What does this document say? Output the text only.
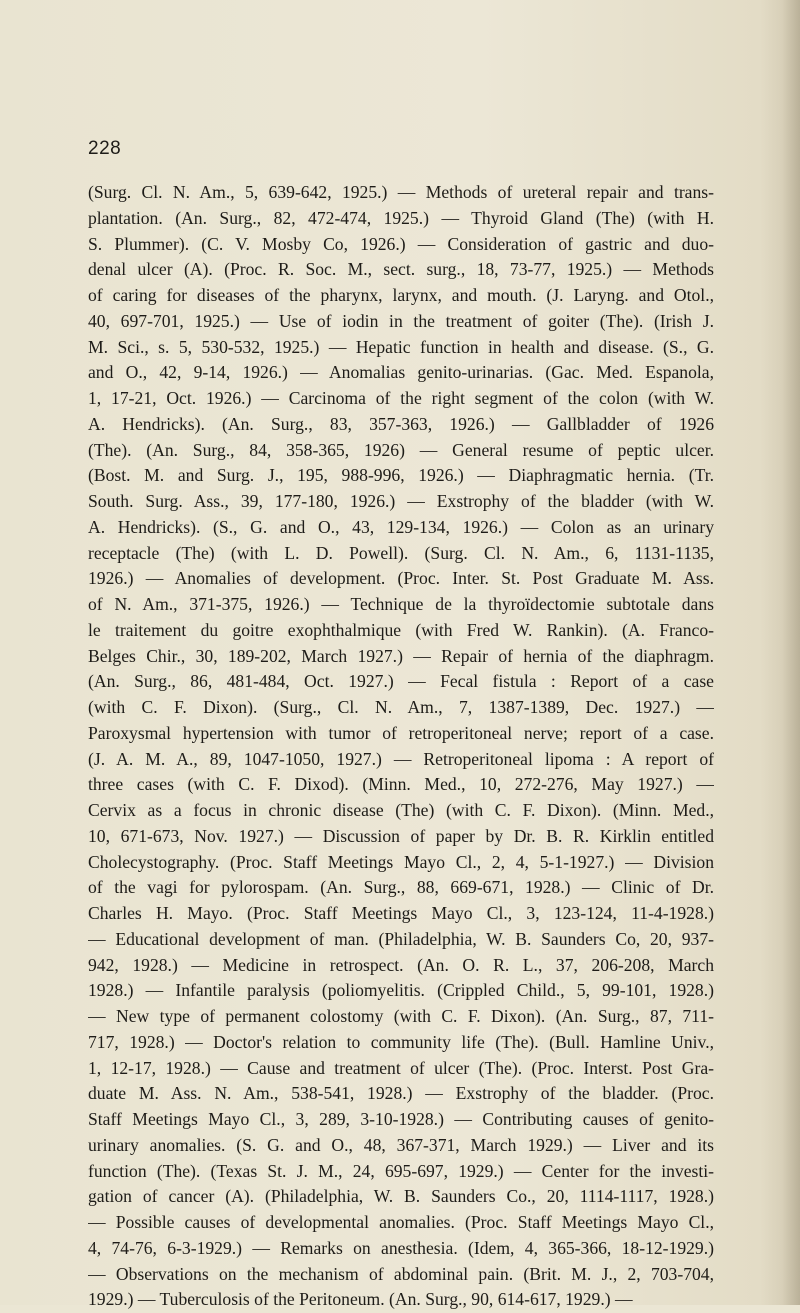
228
(Surg. Cl. N. Am., 5, 639-642, 1925.) — Methods of ureteral repair and trans-
plantation. (An. Surg., 82, 472-474, 1925.) — Thyroid Gland (The) (with H.
S. Plummer). (C. V. Mosby Co, 1926.) — Consideration of gastric and duo-
denal ulcer (A). (Proc. R. Soc. M., sect. surg., 18, 73-77, 1925.) — Methods
of caring for diseases of the pharynx, larynx, and mouth. (J. Laryng. and Otol.,
40, 697-701, 1925.) — Use of iodin in the treatment of goiter (The). (Irish J.
M. Sci., s. 5, 530-532, 1925.) — Hepatic function in health and disease. (S., G.
and O., 42, 9-14, 1926.) — Anomalias genito-urinarias. (Gac. Med. Espanola,
1, 17-21, Oct. 1926.) — Carcinoma of the right segment of the colon (with W.
A. Hendricks). (An. Surg., 83, 357-363, 1926.) — Gallbladder of 1926
(The). (An. Surg., 84, 358-365, 1926) — General resume of peptic ulcer.
(Bost. M. and Surg. J., 195, 988-996, 1926.) — Diaphragmatic hernia. (Tr.
South. Surg. Ass., 39, 177-180, 1926.) — Exstrophy of the bladder (with W.
A. Hendricks). (S., G. and O., 43, 129-134, 1926.) — Colon as an urinary
receptacle (The) (with L. D. Powell). (Surg. Cl. N. Am., 6, 1131-1135,
1926.) — Anomalies of development. (Proc. Inter. St. Post Graduate M. Ass.
of N. Am., 371-375, 1926.) — Technique de la thyroïdectomie subtotale dans
le traitement du goitre exophthalmique (with Fred W. Rankin). (A. Franco-
Belges Chir., 30, 189-202, March 1927.) — Repair of hernia of the diaphragm.
(An. Surg., 86, 481-484, Oct. 1927.) — Fecal fistula : Report of a case
(with C. F. Dixon). (Surg., Cl. N. Am., 7, 1387-1389, Dec. 1927.) —
Paroxysmal hypertension with tumor of retroperitoneal nerve; report of a case.
(J. A. M. A., 89, 1047-1050, 1927.) — Retroperitoneal lipoma : A report of
three cases (with C. F. Dixod). (Minn. Med., 10, 272-276, May 1927.) —
Cervix as a focus in chronic disease (The) (with C. F. Dixon). (Minn. Med.,
10, 671-673, Nov. 1927.) — Discussion of paper by Dr. B. R. Kirklin entitled
Cholecystography. (Proc. Staff Meetings Mayo Cl., 2, 4, 5-1-1927.) — Division
of the vagi for pylorospam. (An. Surg., 88, 669-671, 1928.) — Clinic of Dr.
Charles H. Mayo. (Proc. Staff Meetings Mayo Cl., 3, 123-124, 11-4-1928.)
— Educational development of man. (Philadelphia, W. B. Saunders Co, 20, 937-
942, 1928.) — Medicine in retrospect. (An. O. R. L., 37, 206-208, March
1928.) — Infantile paralysis (poliomyelitis. (Crippled Child., 5, 99-101, 1928.)
— New type of permanent colostomy (with C. F. Dixon). (An. Surg., 87, 711-
717, 1928.) — Doctor's relation to community life (The). (Bull. Hamline Univ.,
1, 12-17, 1928.) — Cause and treatment of ulcer (The). (Proc. Interst. Post Gra-
duate M. Ass. N. Am., 538-541, 1928.) — Exstrophy of the bladder. (Proc.
Staff Meetings Mayo Cl., 3, 289, 3-10-1928.) — Contributing causes of genito-
urinary anomalies. (S. G. and O., 48, 367-371, March 1929.) — Liver and its
function (The). (Texas St. J. M., 24, 695-697, 1929.) — Center for the investi-
gation of cancer (A). (Philadelphia, W. B. Saunders Co., 20, 1114-1117, 1928.)
— Possible causes of developmental anomalies. (Proc. Staff Meetings Mayo Cl.,
4, 74-76, 6-3-1929.) — Remarks on anesthesia. (Idem, 4, 365-366, 18-12-1929.)
— Observations on the mechanism of abdominal pain. (Brit. M. J., 2, 703-704,
1929.) — Tuberculosis of the Peritoneum. (An. Surg., 90, 614-617, 1929.) —
